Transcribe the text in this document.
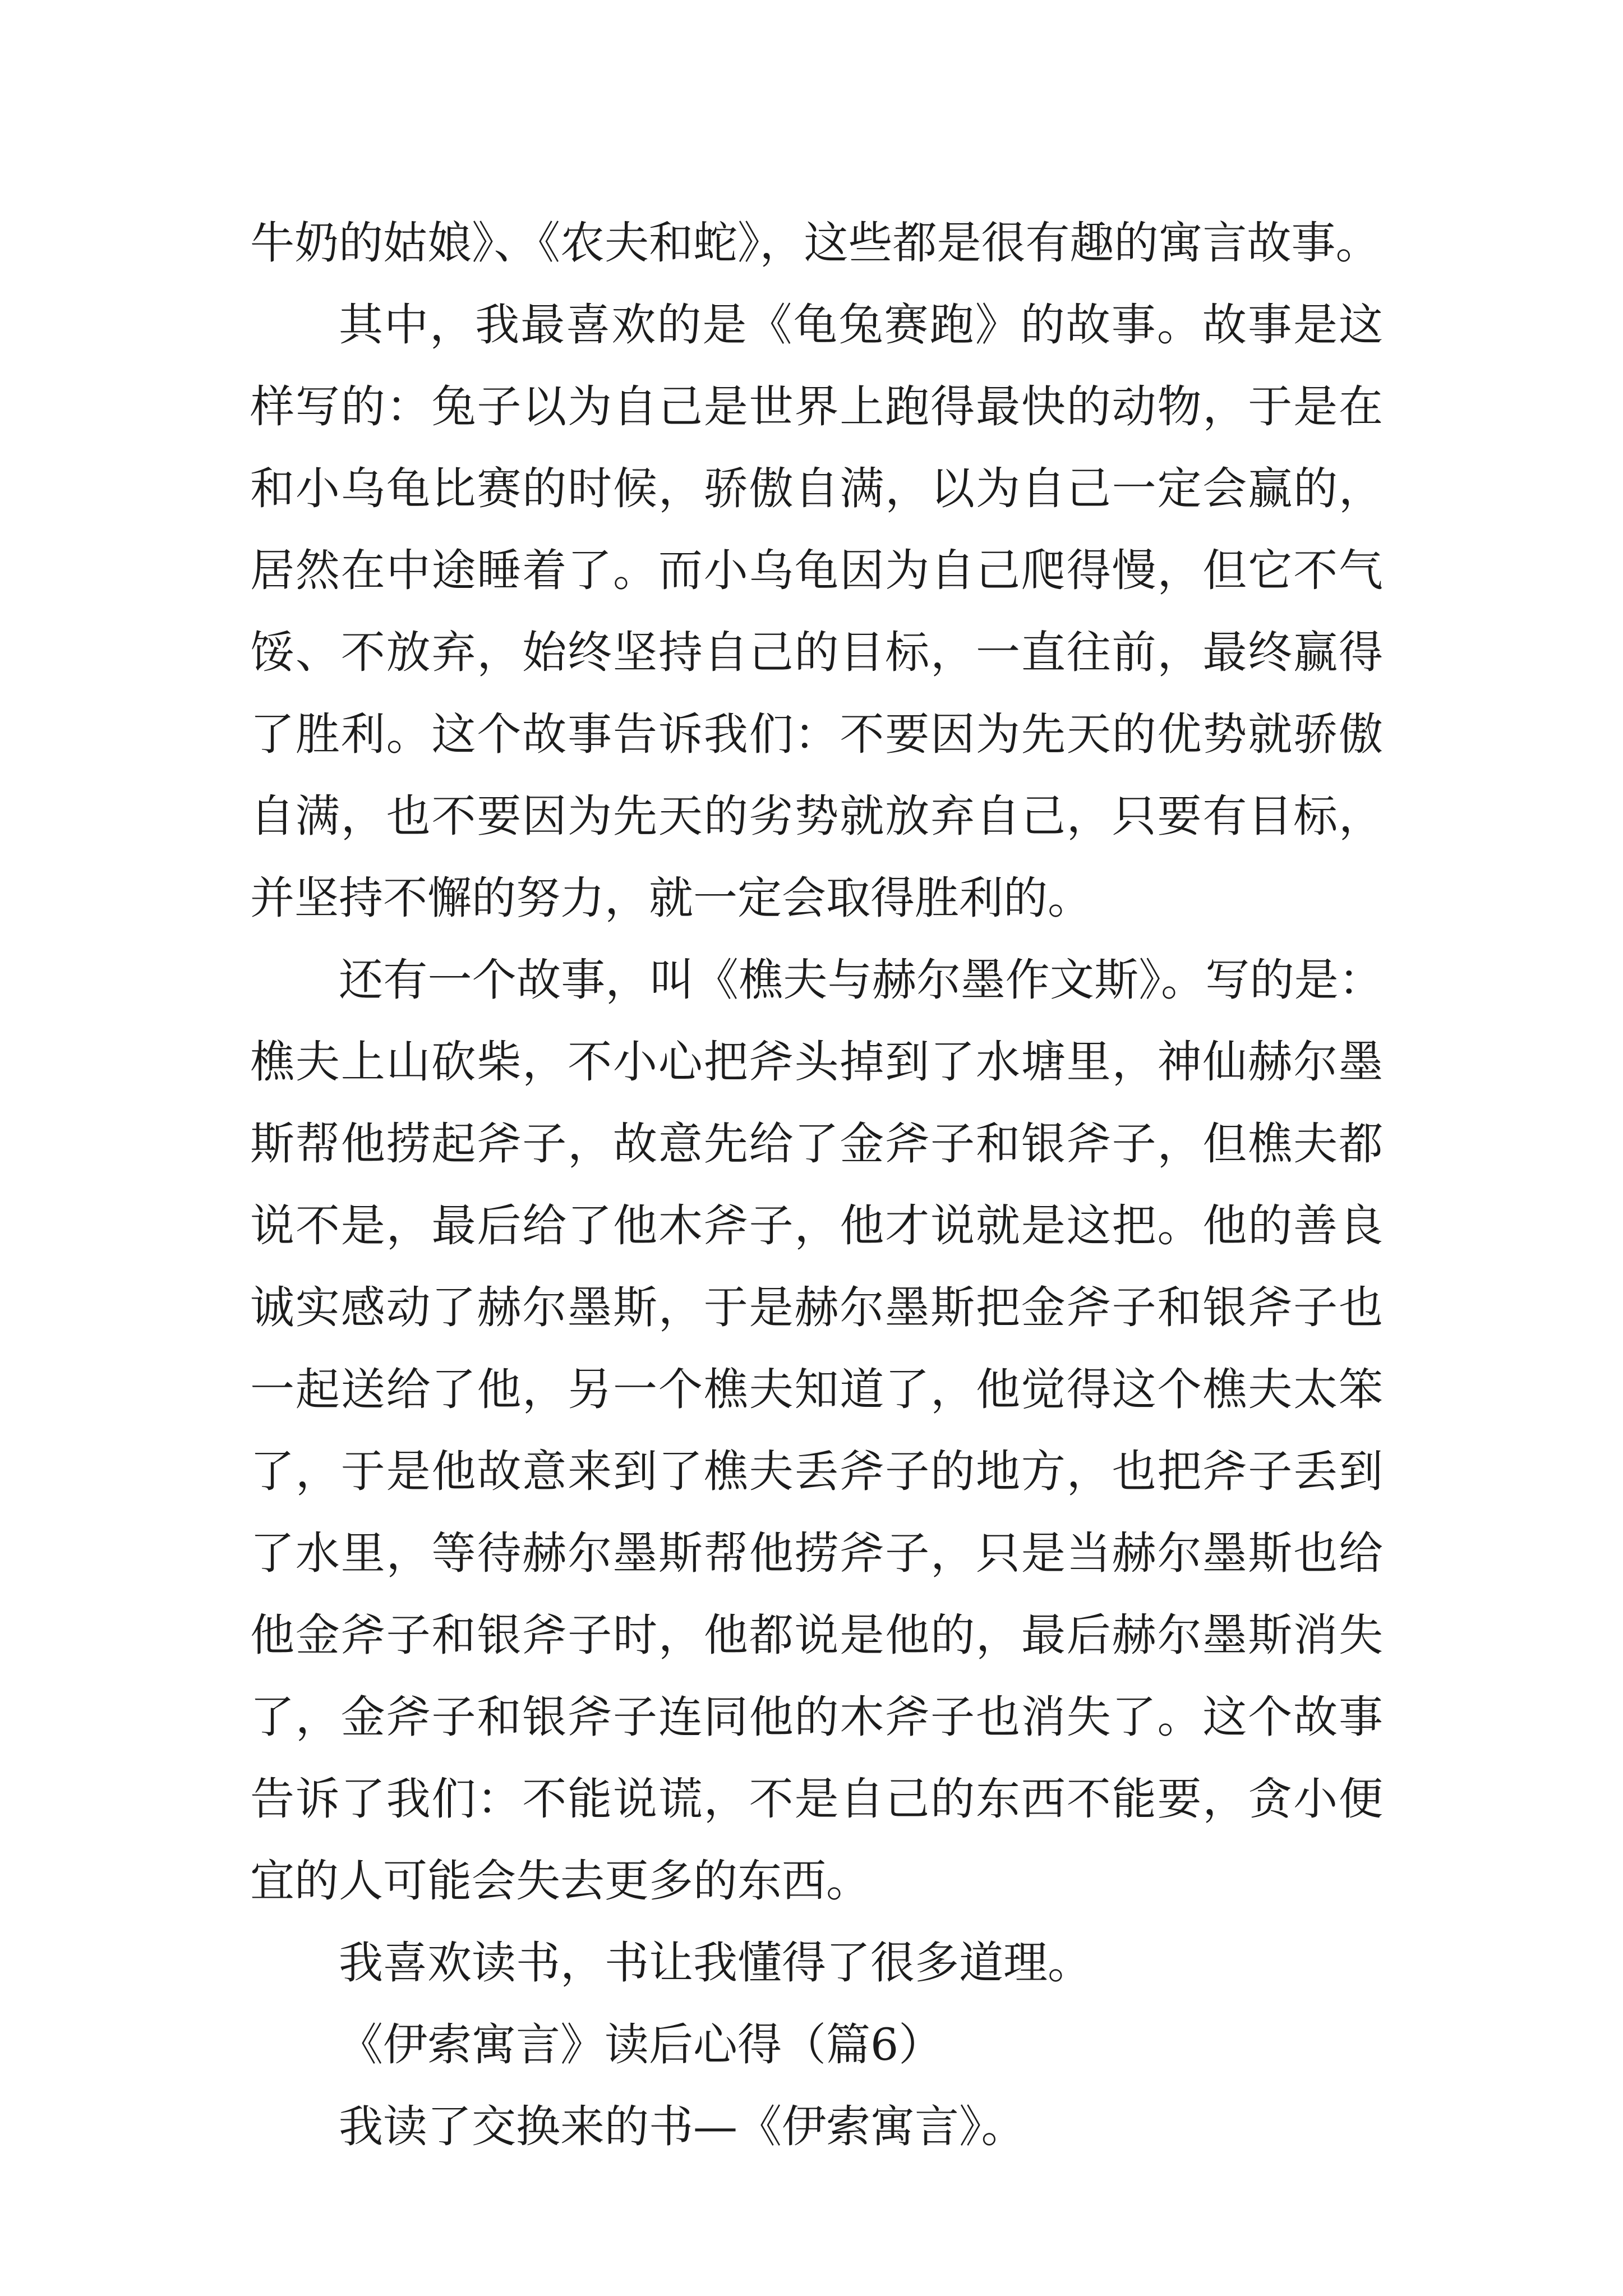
牛奶的姑娘》、《农夫和蛇》，这些都是很有趣的寓言故事。

其中，我最喜欢的是《龟兔赛跑》的故事。故事是这样写的：兔子以为自己是世界上跑得最快的动物，于是在和小乌龟比赛的时候，骄傲自满，以为自己一定会赢的，居然在中途睡着了。而小乌龟因为自己爬得慢，但它不气馁、不放弃，始终坚持自己的目标，一直往前，最终赢得了胜利。这个故事告诉我们：不要因为先天的优势就骄傲自满，也不要因为先天的劣势就放弃自己，只要有目标，并坚持不懈的努力，就一定会取得胜利的。

还有一个故事，叫《樵夫与赫尔墨作文斯》。写的是：樵夫上山砍柴，不小心把斧头掉到了水塘里，神仙赫尔墨斯帮他捞起斧子，故意先给了金斧子和银斧子，但樵夫都说不是，最后给了他木斧子，他才说就是这把。他的善良诚实感动了赫尔墨斯，于是赫尔墨斯把金斧子和银斧子也一起送给了他，另一个樵夫知道了，他觉得这个樵夫太笨了，于是他故意来到了樵夫丢斧子的地方，也把斧子丢到了水里，等待赫尔墨斯帮他捞斧子，只是当赫尔墨斯也给他金斧子和银斧子时，他都说是他的，最后赫尔墨斯消失了，金斧子和银斧子连同他的木斧子也消失了。这个故事告诉了我们：不能说谎，不是自己的东西不能要，贪小便宜的人可能会失去更多的东西。

我喜欢读书，书让我懂得了很多道理。

《伊索寓言》读后心得（篇6）

我读了交换来的书—《伊索寓言》。
